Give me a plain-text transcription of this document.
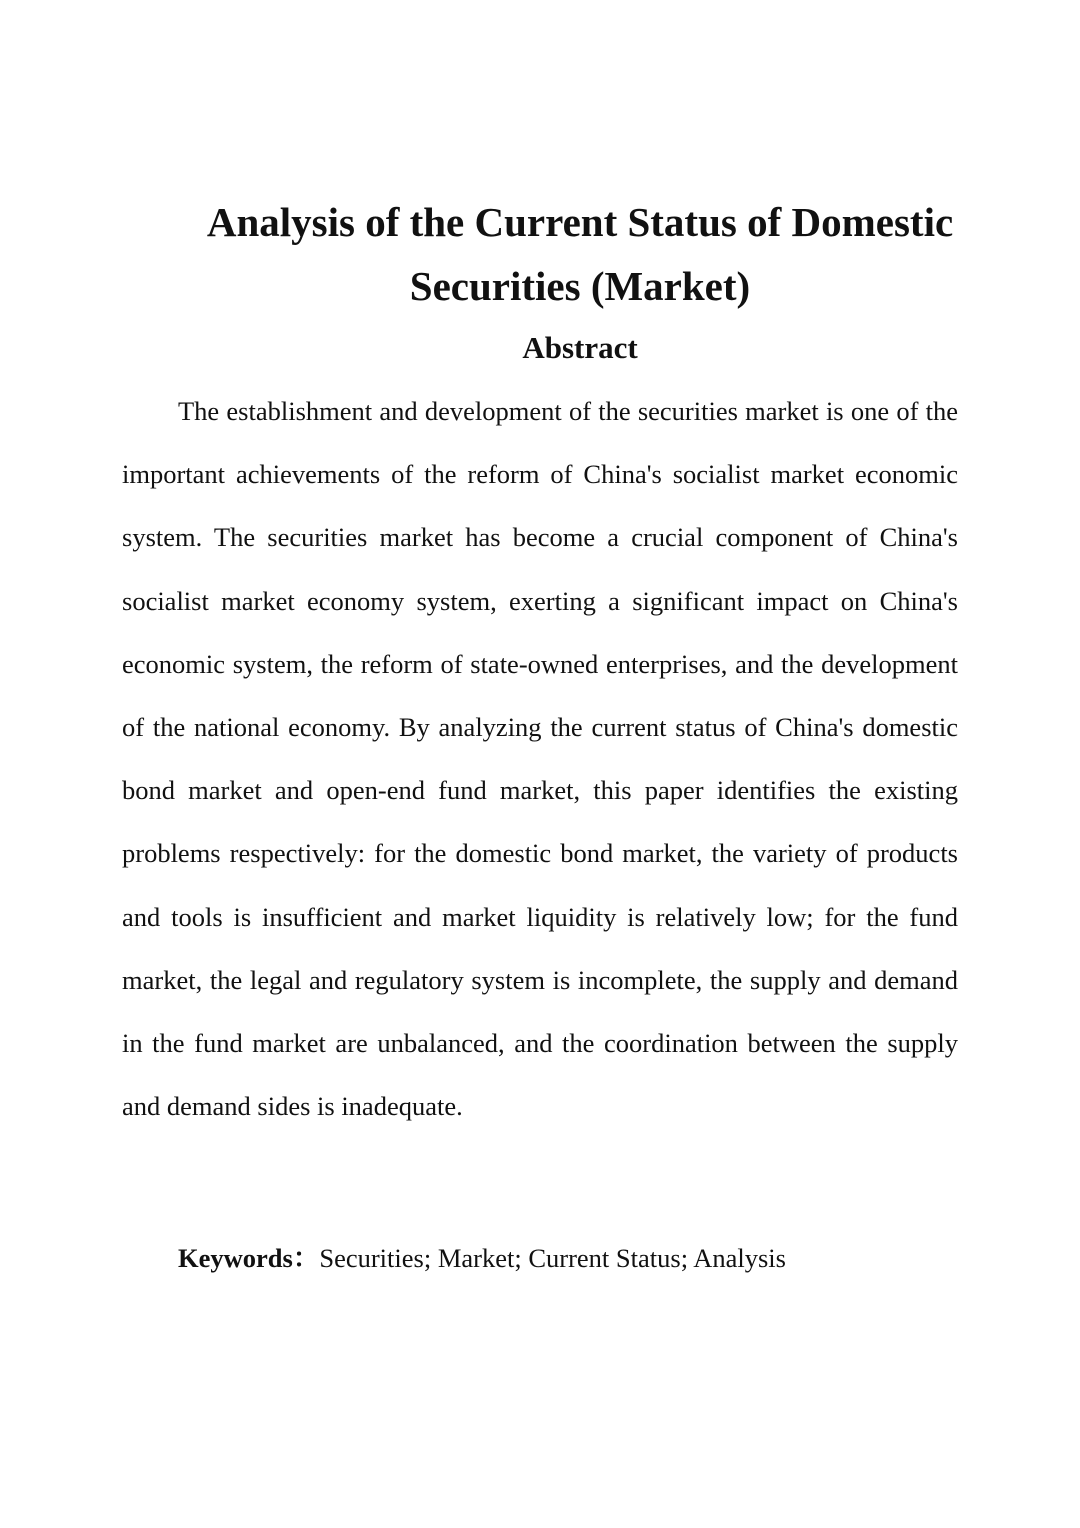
Analysis of the Current Status of Domestic
Securities (Market)
Abstract

The establishment and development of the securities market is one of the important achievements of the reform of China's socialist market economic system. The securities market has become a crucial component of China's socialist market economy system, exerting a significant impact on China's economic system, the reform of state-owned enterprises, and the development of the national economy. By analyzing the current status of China's domestic bond market and open-end fund market, this paper identifies the existing problems respectively: for the domestic bond market, the variety of products and tools is insufficient and market liquidity is relatively low; for the fund market, the legal and regulatory system is incomplete, the supply and demand in the fund market are unbalanced, and the coordination between the supply and demand sides is inadequate.

Keywords：Securities; Market; Current Status; Analysis
